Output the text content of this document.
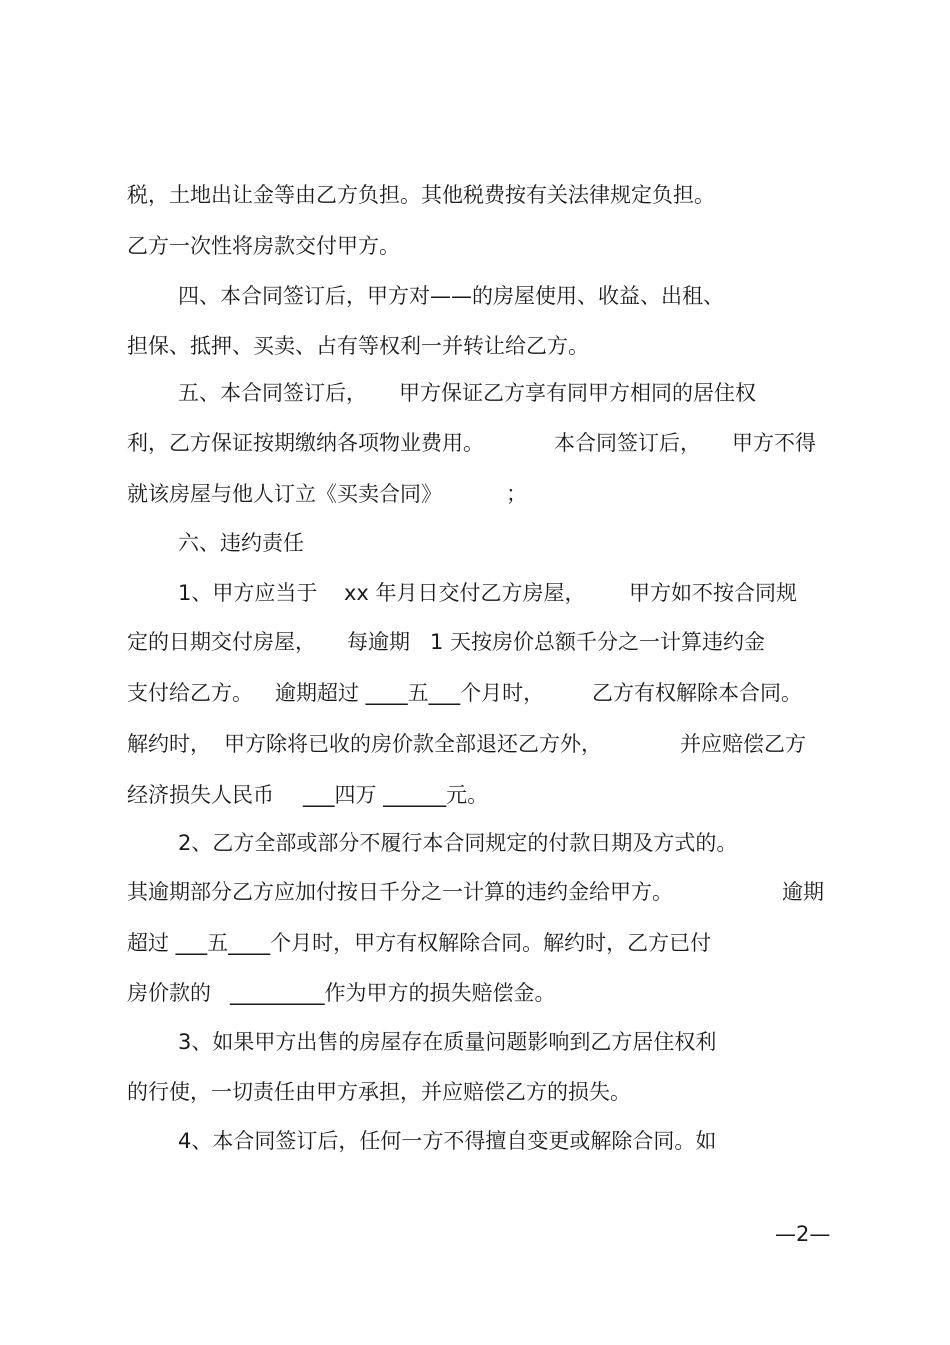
税，土地出让金等由乙方负担。其他税费按有关法律规定负担。

乙方一次性将房款交付甲方。

四、本合同签订后，甲方对——的房屋使用、收益、出租、

担保、抵押、买卖、占有等权利一并转让给乙方。

五、本合同签订后，

甲方保证乙方享有同甲方相同的居住权

利，乙方保证按期缴纳各项物业费用。

	本合同签订后，

甲方不得

就该房屋与他人订立《买卖合同》

	；

六、违约责任

1、甲方应当于

xx 年月日交付乙方房屋，

甲方如不按合同规

定的日期交付房屋，

每逾期

1 天按房价总额千分之一计算违约金

支付给乙方。

逾期超过 ____五___个月时，

乙方有权解除本合同。

解约时，

甲方除将已收的房价款全部退还乙方外，

	并应赔偿乙方

经济损失人民币

___四万 ______元。

2、乙方全部或部分不履行本合同规定的付款日期及方式的。

其逾期部分乙方应加付按日千分之一计算的违约金给甲方。

	逾期

超过 ___五____个月时，甲方有权解除合同。解约时，乙方已付

房价款的

_________作为甲方的损失赔偿金。

3、如果甲方出售的房屋存在质量问题影响到乙方居住权利

的行使，一切责任由甲方承担，并应赔偿乙方的损失。

4、本合同签订后，任何一方不得擅自变更或解除合同。如

—2—
